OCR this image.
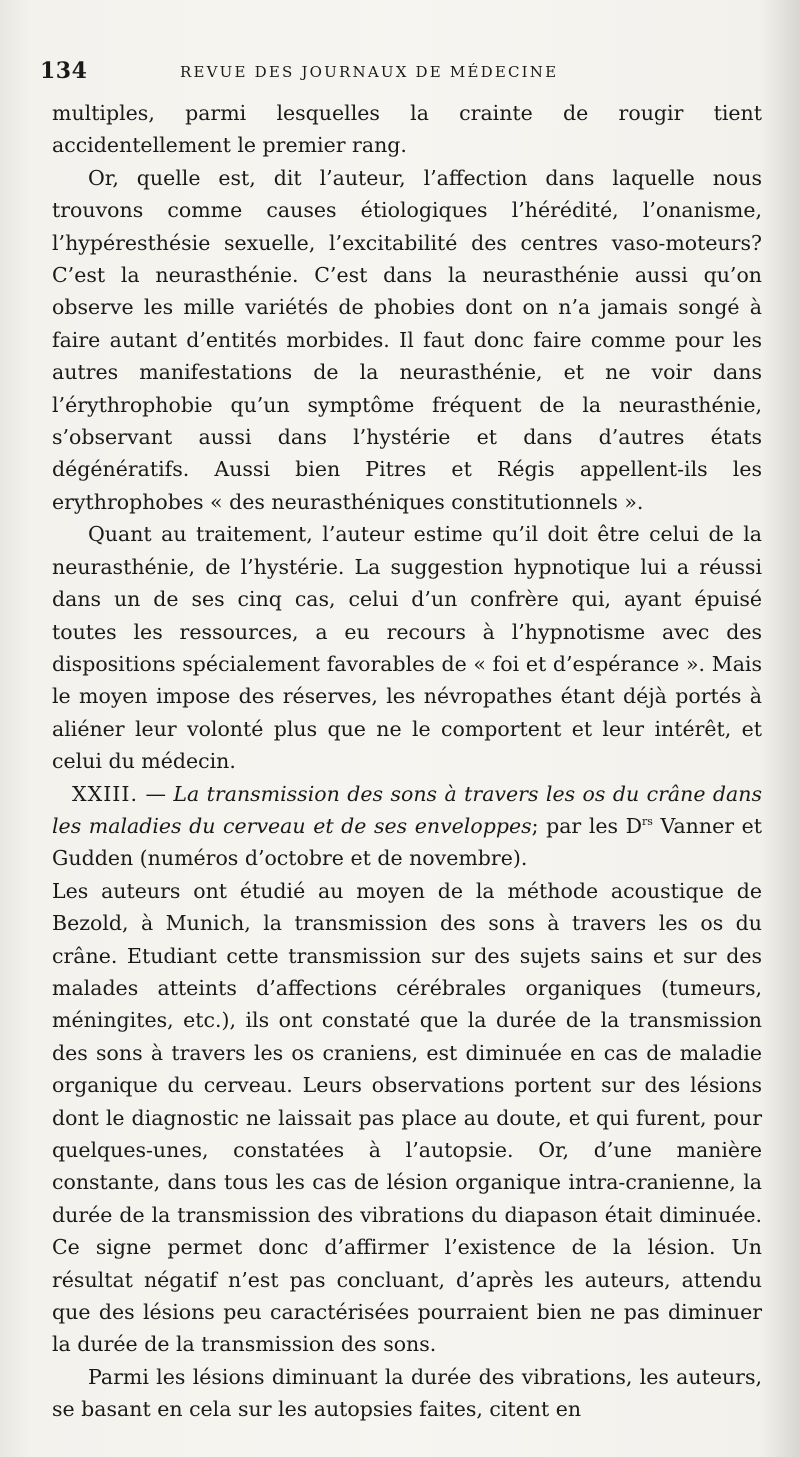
134	REVUE DES JOURNAUX DE MÉDECINE

multiples, parmi lesquelles la crainte de rougir tient accidentellement le premier rang.

Or, quelle est, dit l’auteur, l’affection dans laquelle nous trouvons comme causes étiologiques l’hérédité, l’onanisme, l’hypéresthésie sexuelle, l’excitabilité des centres vaso-moteurs? C’est la neurasthénie. C’est dans la neurasthénie aussi qu’on observe les mille variétés de phobies dont on n’a jamais songé à faire autant d’entités morbides. Il faut donc faire comme pour les autres manifestations de la neurasthénie, et ne voir dans l’érythrophobie qu’un symptôme fréquent de la neurasthénie, s’observant aussi dans l’hystérie et dans d’autres états dégénératifs. Aussi bien Pitres et Régis appellent-ils les erythrophobes « des neurasthéniques constitutionnels ».

Quant au traitement, l’auteur estime qu’il doit être celui de la neurasthénie, de l’hystérie. La suggestion hypnotique lui a réussi dans un de ses cinq cas, celui d’un confrère qui, ayant épuisé toutes les ressources, a eu recours à l’hypnotisme avec des dispositions spécialement favorables de « foi et d’espérance ». Mais le moyen impose des réserves, les névropathes étant déjà portés à aliéner leur volonté plus que ne le comportent et leur intérêt, et celui du médecin.

XXIII. — La transmission des sons à travers les os du crâne dans les maladies du cerveau et de ses enveloppes; par les $D^{rs}$ Vanner et Gudden (numéros d’octobre et de novembre).

Les auteurs ont étudié au moyen de la méthode acoustique de Bezold, à Munich, la transmission des sons à travers les os du crâne. Etudiant cette transmission sur des sujets sains et sur des malades atteints d’affections cérébrales organiques (tumeurs, méningites, etc.), ils ont constaté que la durée de la transmission des sons à travers les os craniens, est diminuée en cas de maladie organique du cerveau. Leurs observations portent sur des lésions dont le diagnostic ne laissait pas place au doute, et qui furent, pour quelques-unes, constatées à l’autopsie. Or, d’une manière constante, dans tous les cas de lésion organique intra-cranienne, la durée de la transmission des vibrations du diapason était diminuée. Ce signe permet donc d’affirmer l’existence de la lésion. Un résultat négatif n’est pas concluant, d’après les auteurs, attendu que des lésions peu caractérisées pourraient bien ne pas diminuer la durée de la transmission des sons.

Parmi les lésions diminuant la durée des vibrations, les auteurs, se basant en cela sur les autopsies faites, citent en
